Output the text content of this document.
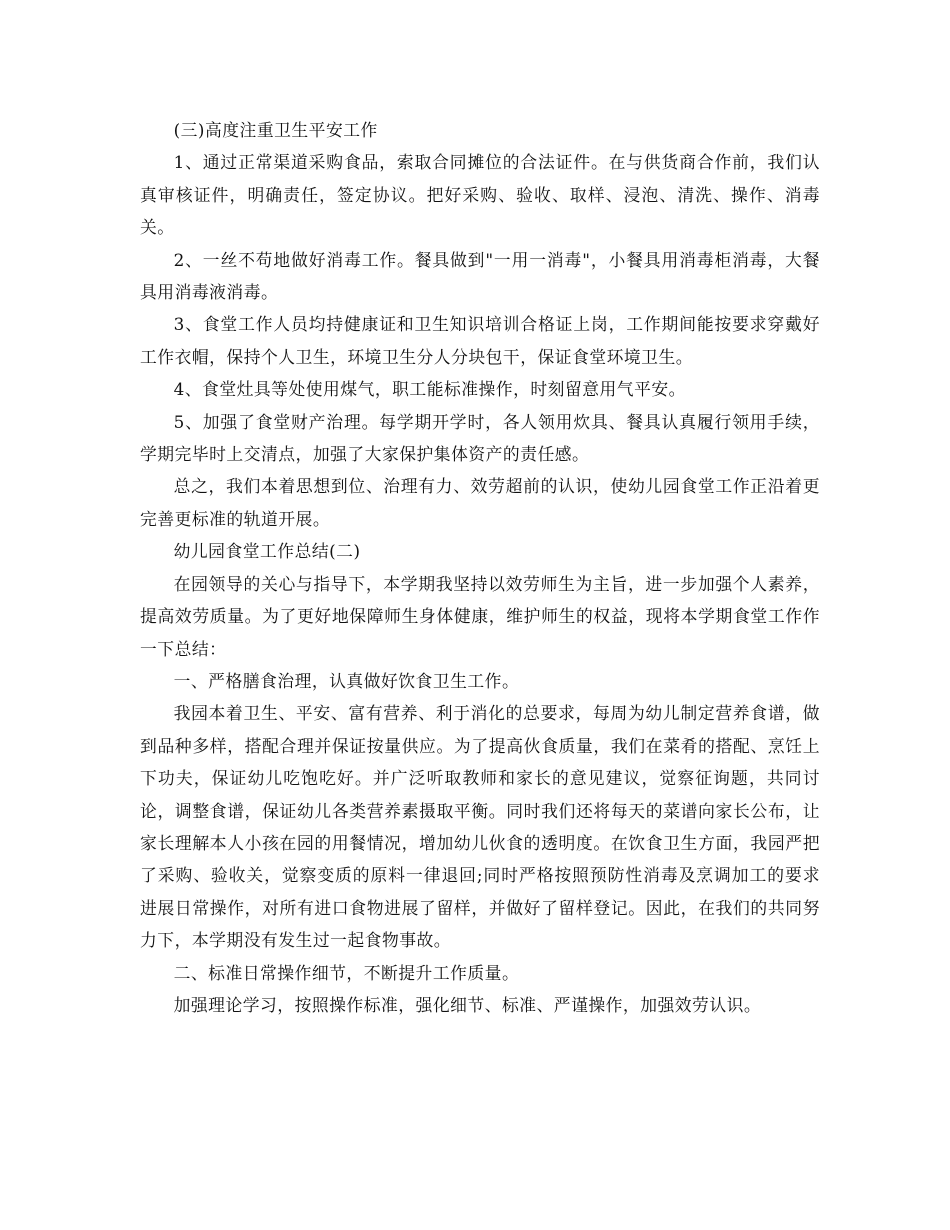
(三)高度注重卫生平安工作

1、通过正常渠道采购食品，索取合同摊位的合法证件。在与供货商合作前，我们认真审核证件，明确责任，签定协议。把好采购、验收、取样、浸泡、清洗、操作、消毒关。

2、一丝不苟地做好消毒工作。餐具做到"一用一消毒"，小餐具用消毒柜消毒，大餐具用消毒液消毒。

3、食堂工作人员均持健康证和卫生知识培训合格证上岗，工作期间能按要求穿戴好工作衣帽，保持个人卫生，环境卫生分人分块包干，保证食堂环境卫生。

4、食堂灶具等处使用煤气，职工能标准操作，时刻留意用气平安。

5、加强了食堂财产治理。每学期开学时，各人领用炊具、餐具认真履行领用手续，学期完毕时上交清点，加强了大家保护集体资产的责任感。

总之，我们本着思想到位、治理有力、效劳超前的认识，使幼儿园食堂工作正沿着更完善更标准的轨道开展。

幼儿园食堂工作总结(二)

在园领导的关心与指导下，本学期我坚持以效劳师生为主旨，进一步加强个人素养，提高效劳质量。为了更好地保障师生身体健康，维护师生的权益，现将本学期食堂工作作一下总结：

一、严格膳食治理，认真做好饮食卫生工作。

我园本着卫生、平安、富有营养、利于消化的总要求，每周为幼儿制定营养食谱，做到品种多样，搭配合理并保证按量供应。为了提高伙食质量，我们在菜肴的搭配、烹饪上下功夫，保证幼儿吃饱吃好。并广泛听取教师和家长的意见建议，觉察征询题，共同讨论，调整食谱，保证幼儿各类营养素摄取平衡。同时我们还将每天的菜谱向家长公布，让家长理解本人小孩在园的用餐情况，增加幼儿伙食的透明度。在饮食卫生方面，我园严把了采购、验收关，觉察变质的原料一律退回;同时严格按照预防性消毒及烹调加工的要求进展日常操作，对所有进口食物进展了留样，并做好了留样登记。因此，在我们的共同努力下，本学期没有发生过一起食物事故。

二、标准日常操作细节，不断提升工作质量。

加强理论学习，按照操作标准，强化细节、标准、严谨操作，加强效劳认识。
